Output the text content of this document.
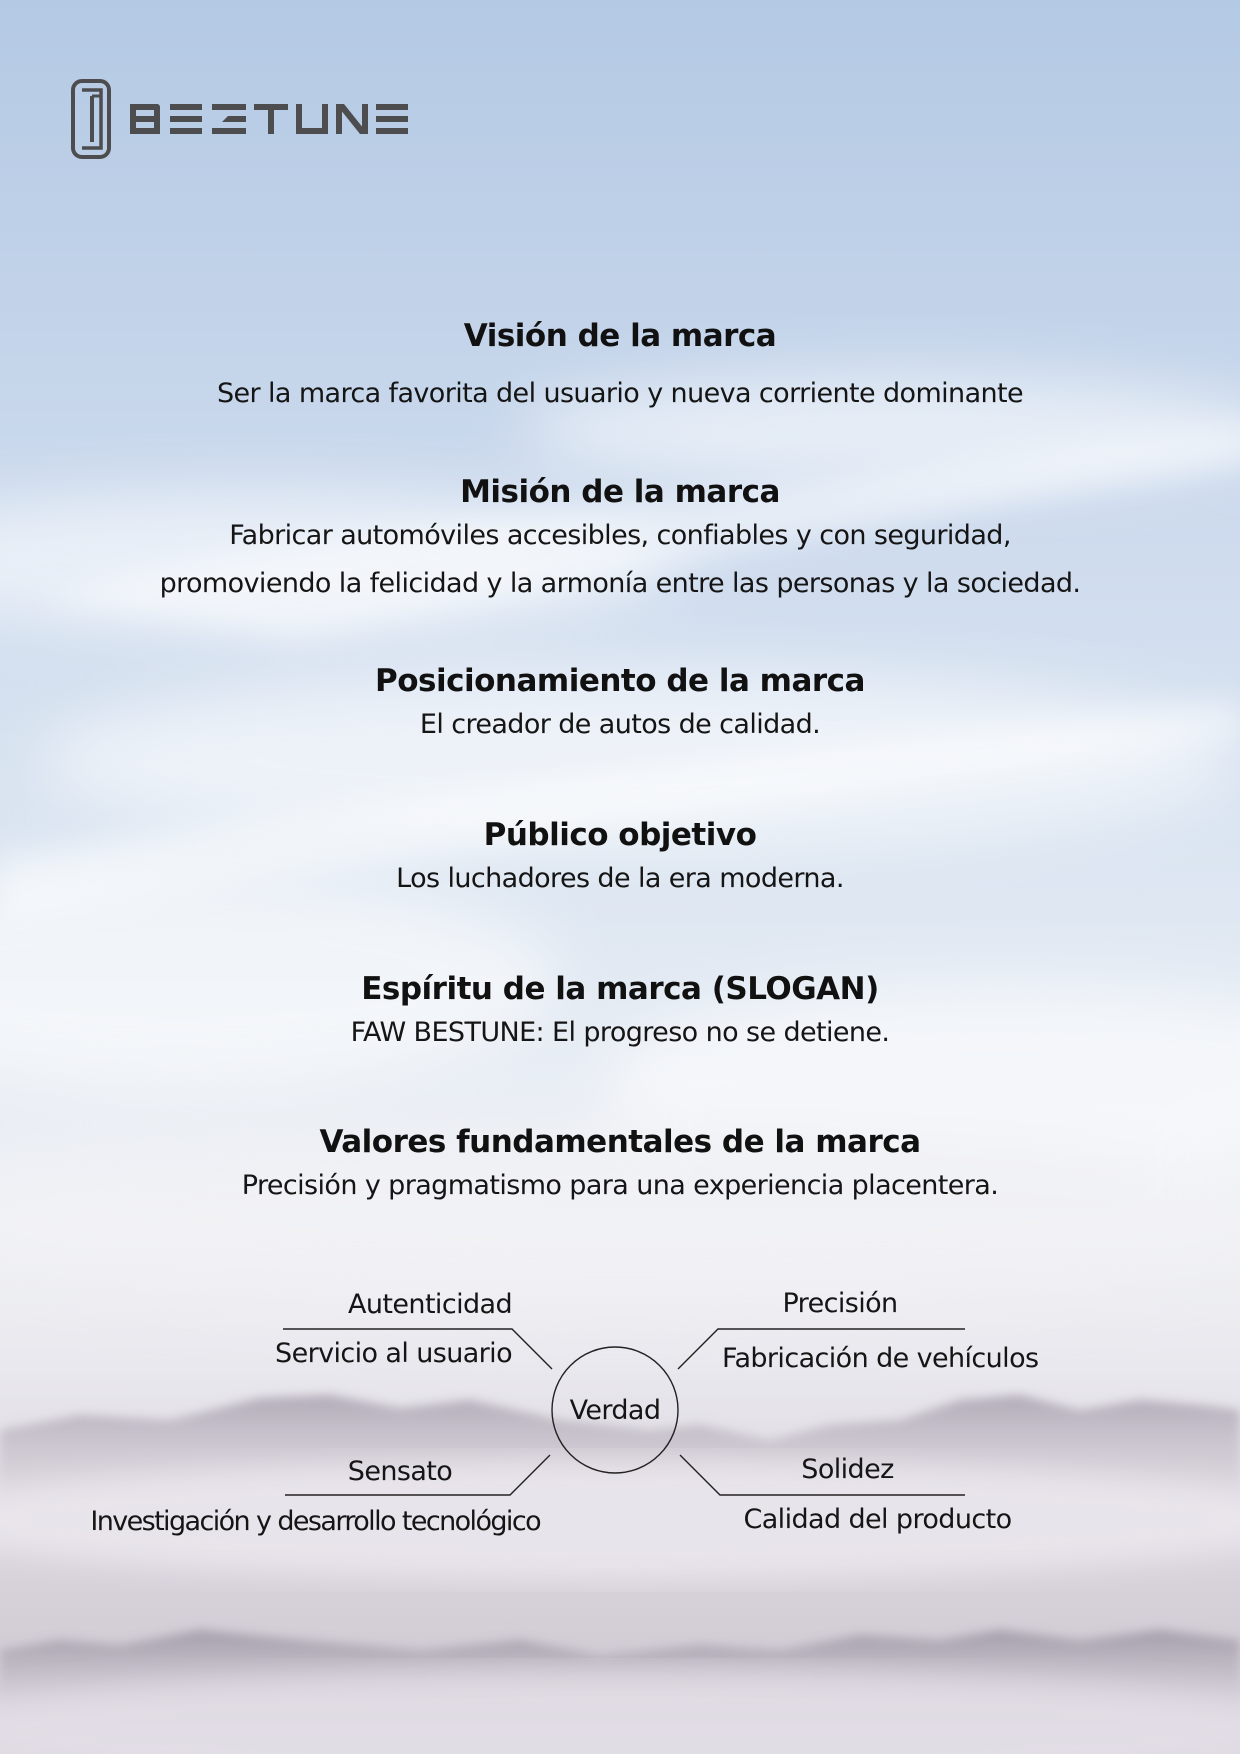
Visión de la marca
Ser la marca favorita del usuario y nueva corriente dominante
Misión de la marca
Fabricar automóviles accesibles, confiables y con seguridad,
promoviendo la felicidad y la armonía entre las personas y la sociedad.
Posicionamiento de la marca
El creador de autos de calidad.
Público objetivo
Los luchadores de la era moderna.
Espíritu de la marca (SLOGAN)
FAW BESTUNE: El progreso no se detiene.
Valores fundamentales de la marca
Precisión y pragmatismo para una experiencia placentera.
Verdad
Autenticidad
Servicio al usuario
Precisión
Fabricación de vehículos
Sensato
Investigación y desarrollo tecnológico
Solidez
Calidad del producto
